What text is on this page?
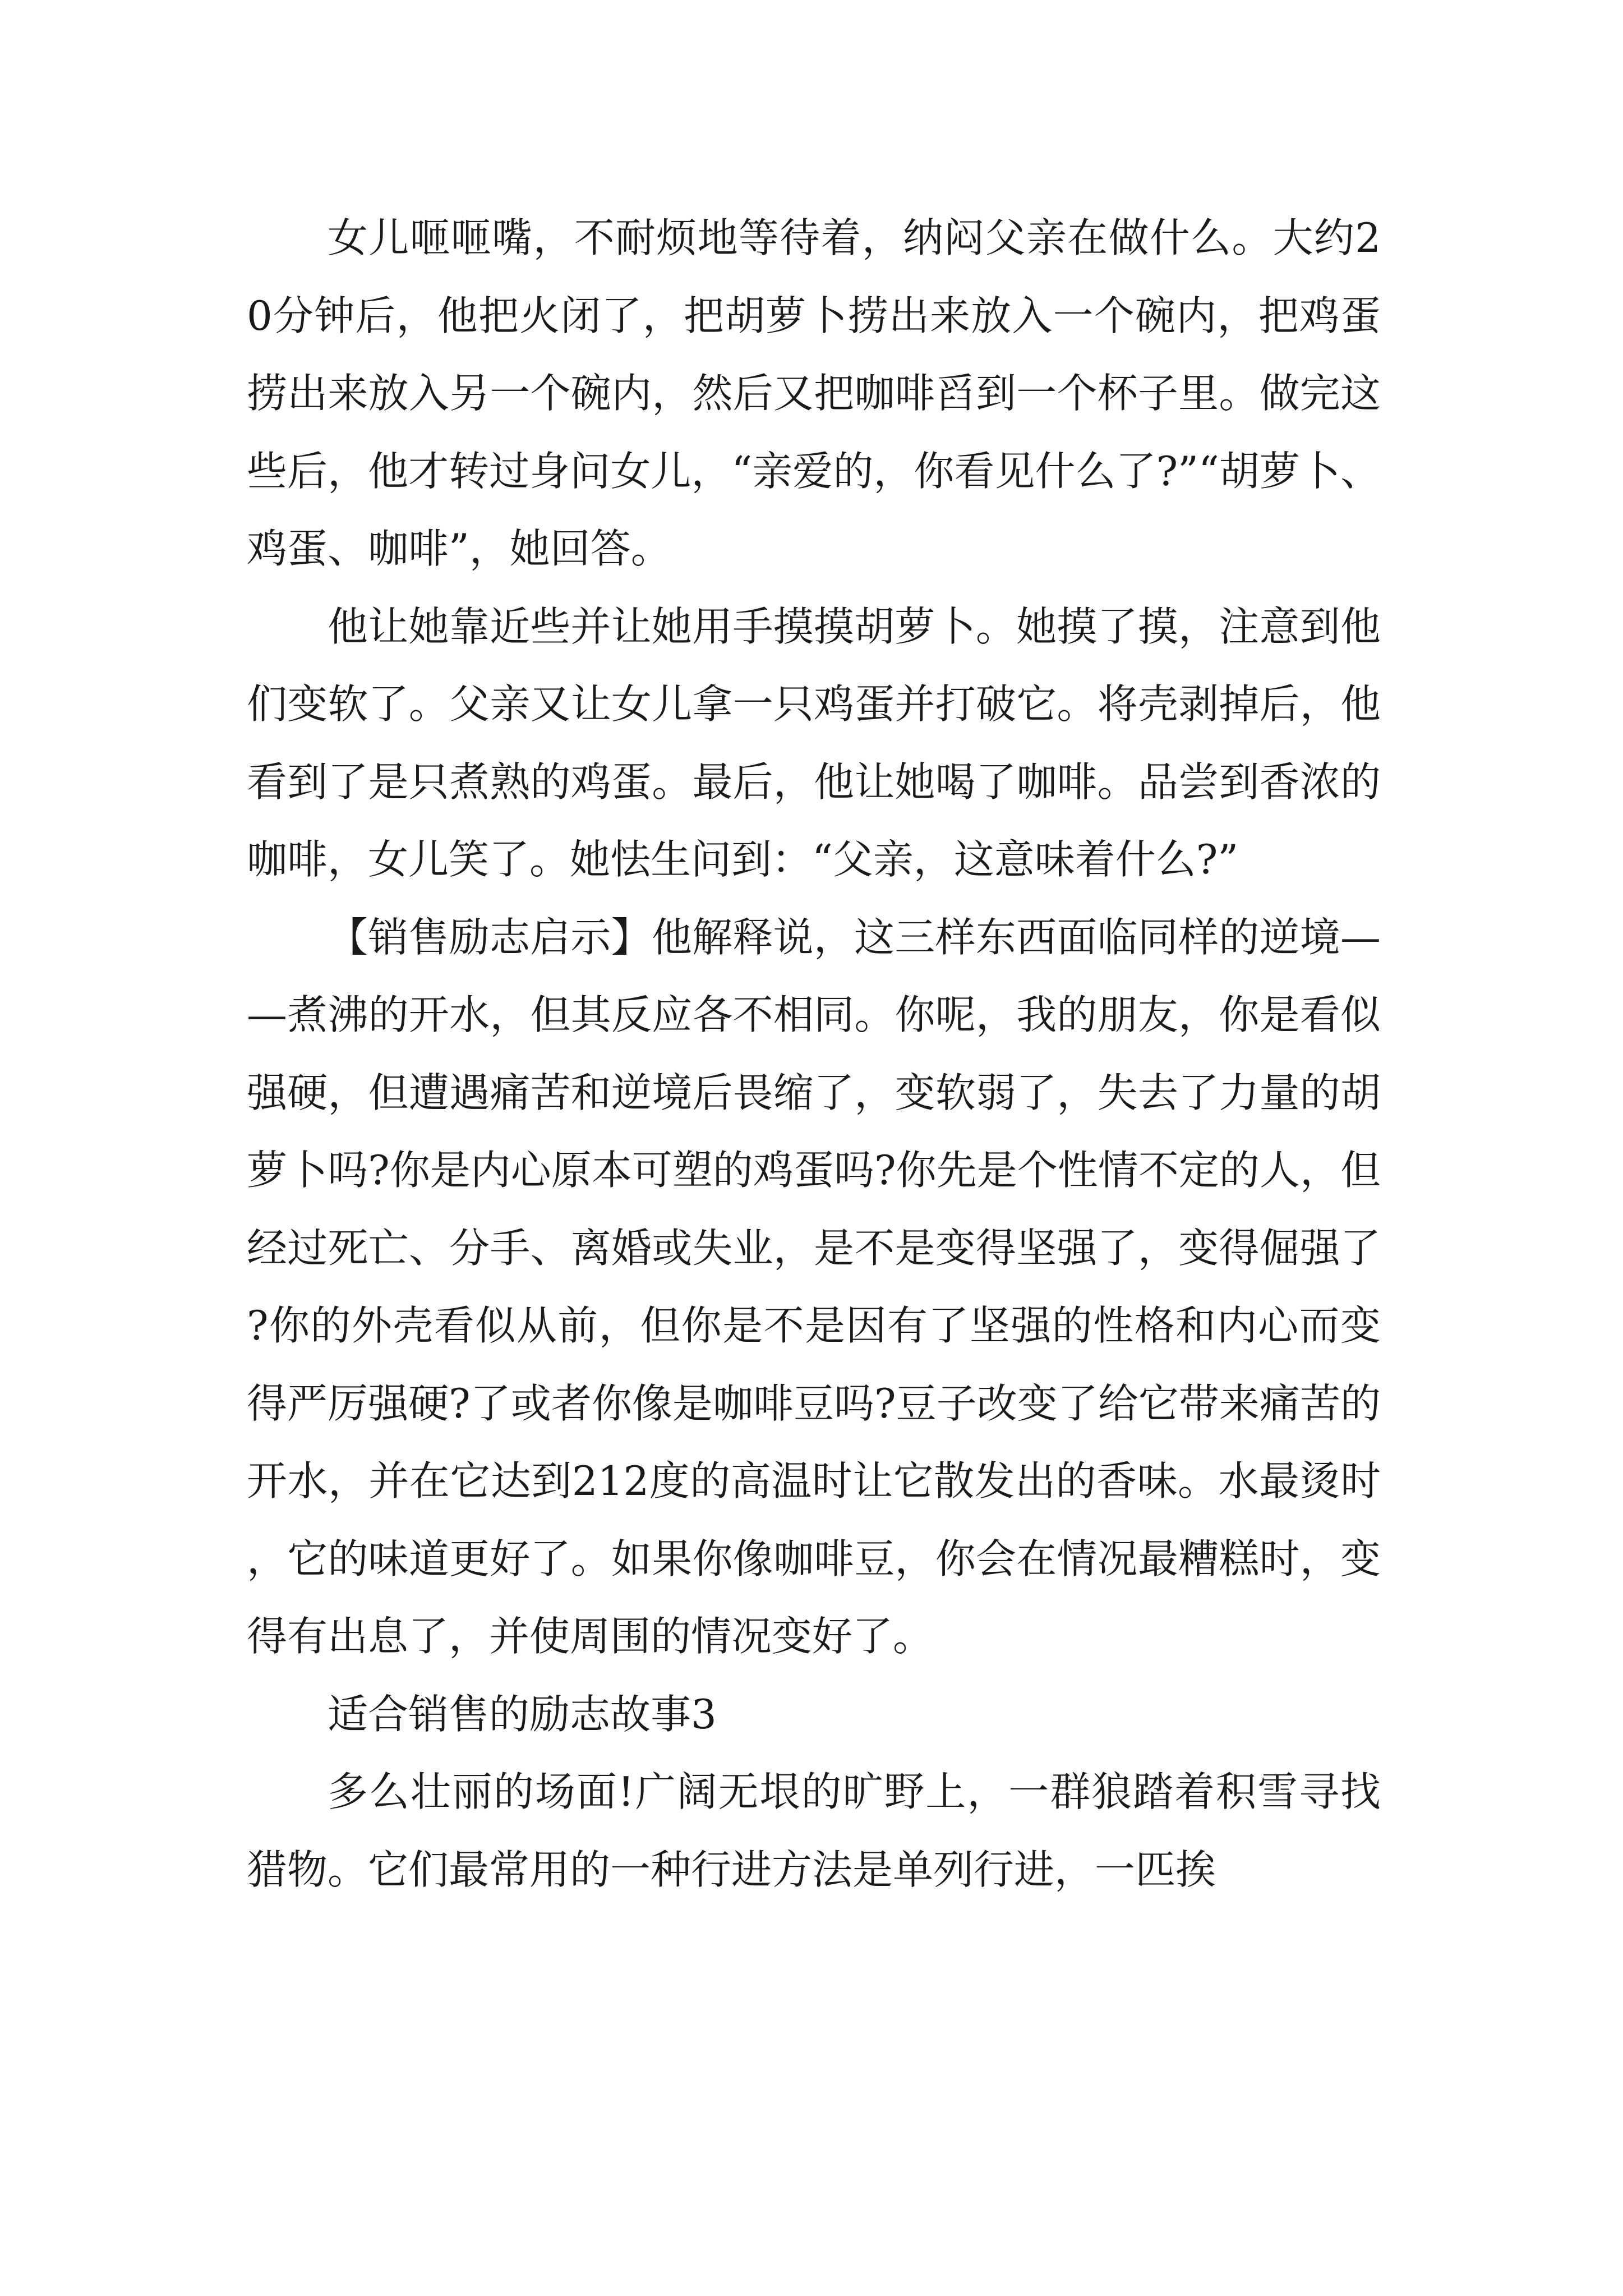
女儿咂咂嘴，不耐烦地等待着，纳闷父亲在做什么。大约20分钟后，他把火闭了，把胡萝卜捞出来放入一个碗内，把鸡蛋捞出来放入另一个碗内，然后又把咖啡舀到一个杯子里。做完这些后，他才转过身问女儿，“亲爱的，你看见什么了?”“胡萝卜、鸡蛋、咖啡”，她回答。

他让她靠近些并让她用手摸摸胡萝卜。她摸了摸，注意到他们变软了。父亲又让女儿拿一只鸡蛋并打破它。将壳剥掉后，他看到了是只煮熟的鸡蛋。最后，他让她喝了咖啡。品尝到香浓的咖啡，女儿笑了。她怯生问到：“父亲，这意味着什么?”

【销售励志启示】他解释说，这三样东西面临同样的逆境——煮沸的开水，但其反应各不相同。你呢，我的朋友，你是看似强硬，但遭遇痛苦和逆境后畏缩了，变软弱了，失去了力量的胡萝卜吗?你是内心原本可塑的鸡蛋吗?你先是个性情不定的人，但经过死亡、分手、离婚或失业，是不是变得坚强了，变得倔强了?你的外壳看似从前，但你是不是因有了坚强的性格和内心而变得严厉强硬?了或者你像是咖啡豆吗?豆子改变了给它带来痛苦的开水，并在它达到212度的高温时让它散发出的香味。水最烫时，它的味道更好了。如果你像咖啡豆，你会在情况最糟糕时，变得有出息了，并使周围的情况变好了。

适合销售的励志故事3

多么壮丽的场面!广阔无垠的旷野上，一群狼踏着积雪寻找猎物。它们最常用的一种行进方法是单列行进，一匹挨
